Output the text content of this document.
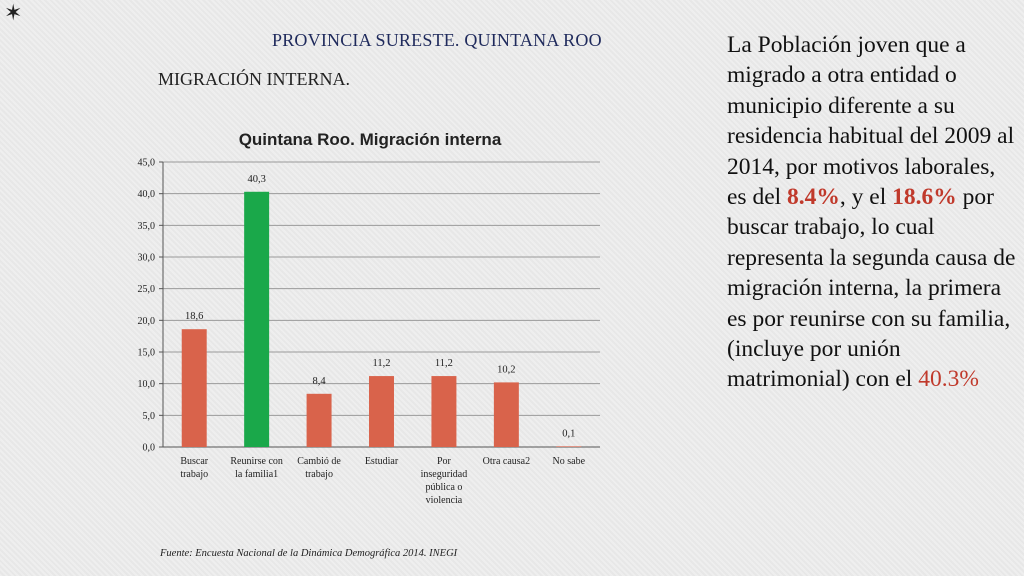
✶
PROVINCIA SURESTE. QUINTANA ROO
MIGRACIÓN INTERNA.
Quintana Roo. Migración interna
0,0
5,0
10,0
15,0
20,0
25,0
30,0
35,0
40,0
45,0
18,6
40,3
8,4
11,2	11,2
10,2
0,1
Buscar trabajo
Reunirse con la familia1
Cambió de trabajo
Estudiar	Por inseguridad pública o violencia
Otra causa2 No sabe
Fuente: Encuesta Nacional de la Dinámica Demográfica 2014. INEGI
La Población joven que a migrado a otra entidad o municipio diferente a su residencia habitual del 2009 al 2014, por motivos laborales, es del 8.4%, y el 18.6% por buscar trabajo, lo cual representa la segunda causa de migración interna, la primera es por reunirse con su familia, (incluye por unión matrimonial) con el 40.3%
